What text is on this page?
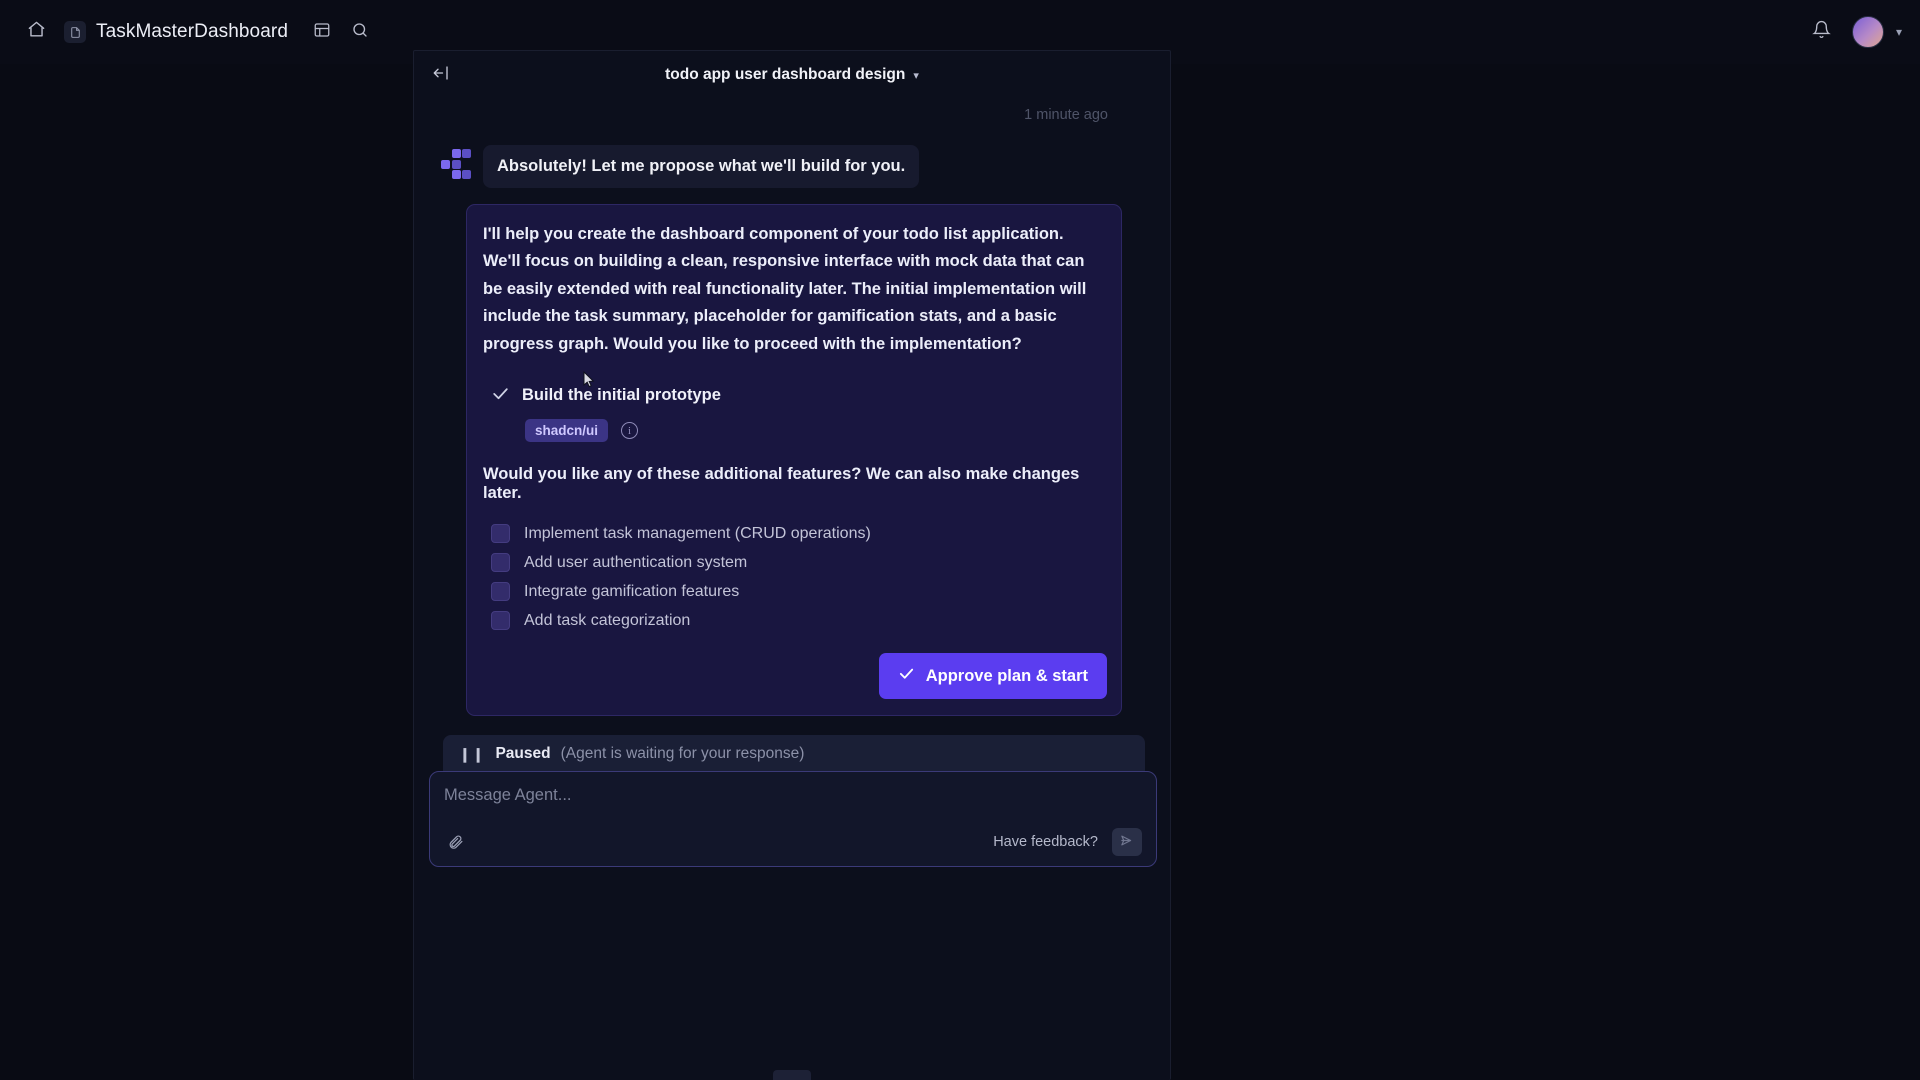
TaskMasterDashboard	▾
todo app user dashboard design ▾
1 minute ago
Absolutely! Let me propose what we'll build for you.

I'll help you create the dashboard component of your todo list application. We'll focus on building a clean, responsive interface with mock data that can be easily extended with real functionality later. The initial implementation will include the task summary, placeholder for gamification stats, and a basic progress graph. Would you like to proceed with the implementation?

Build the initial prototype
shadcn/ui	i

Would you like any of these additional features? We can also make changes later.

Implement task management (CRUD operations)
Add user authentication system
Integrate gamification features
Add task categorization
Approve plan & start
❙❙ Paused (Agent is waiting for your response)
Message Agent...
Have feedback?
